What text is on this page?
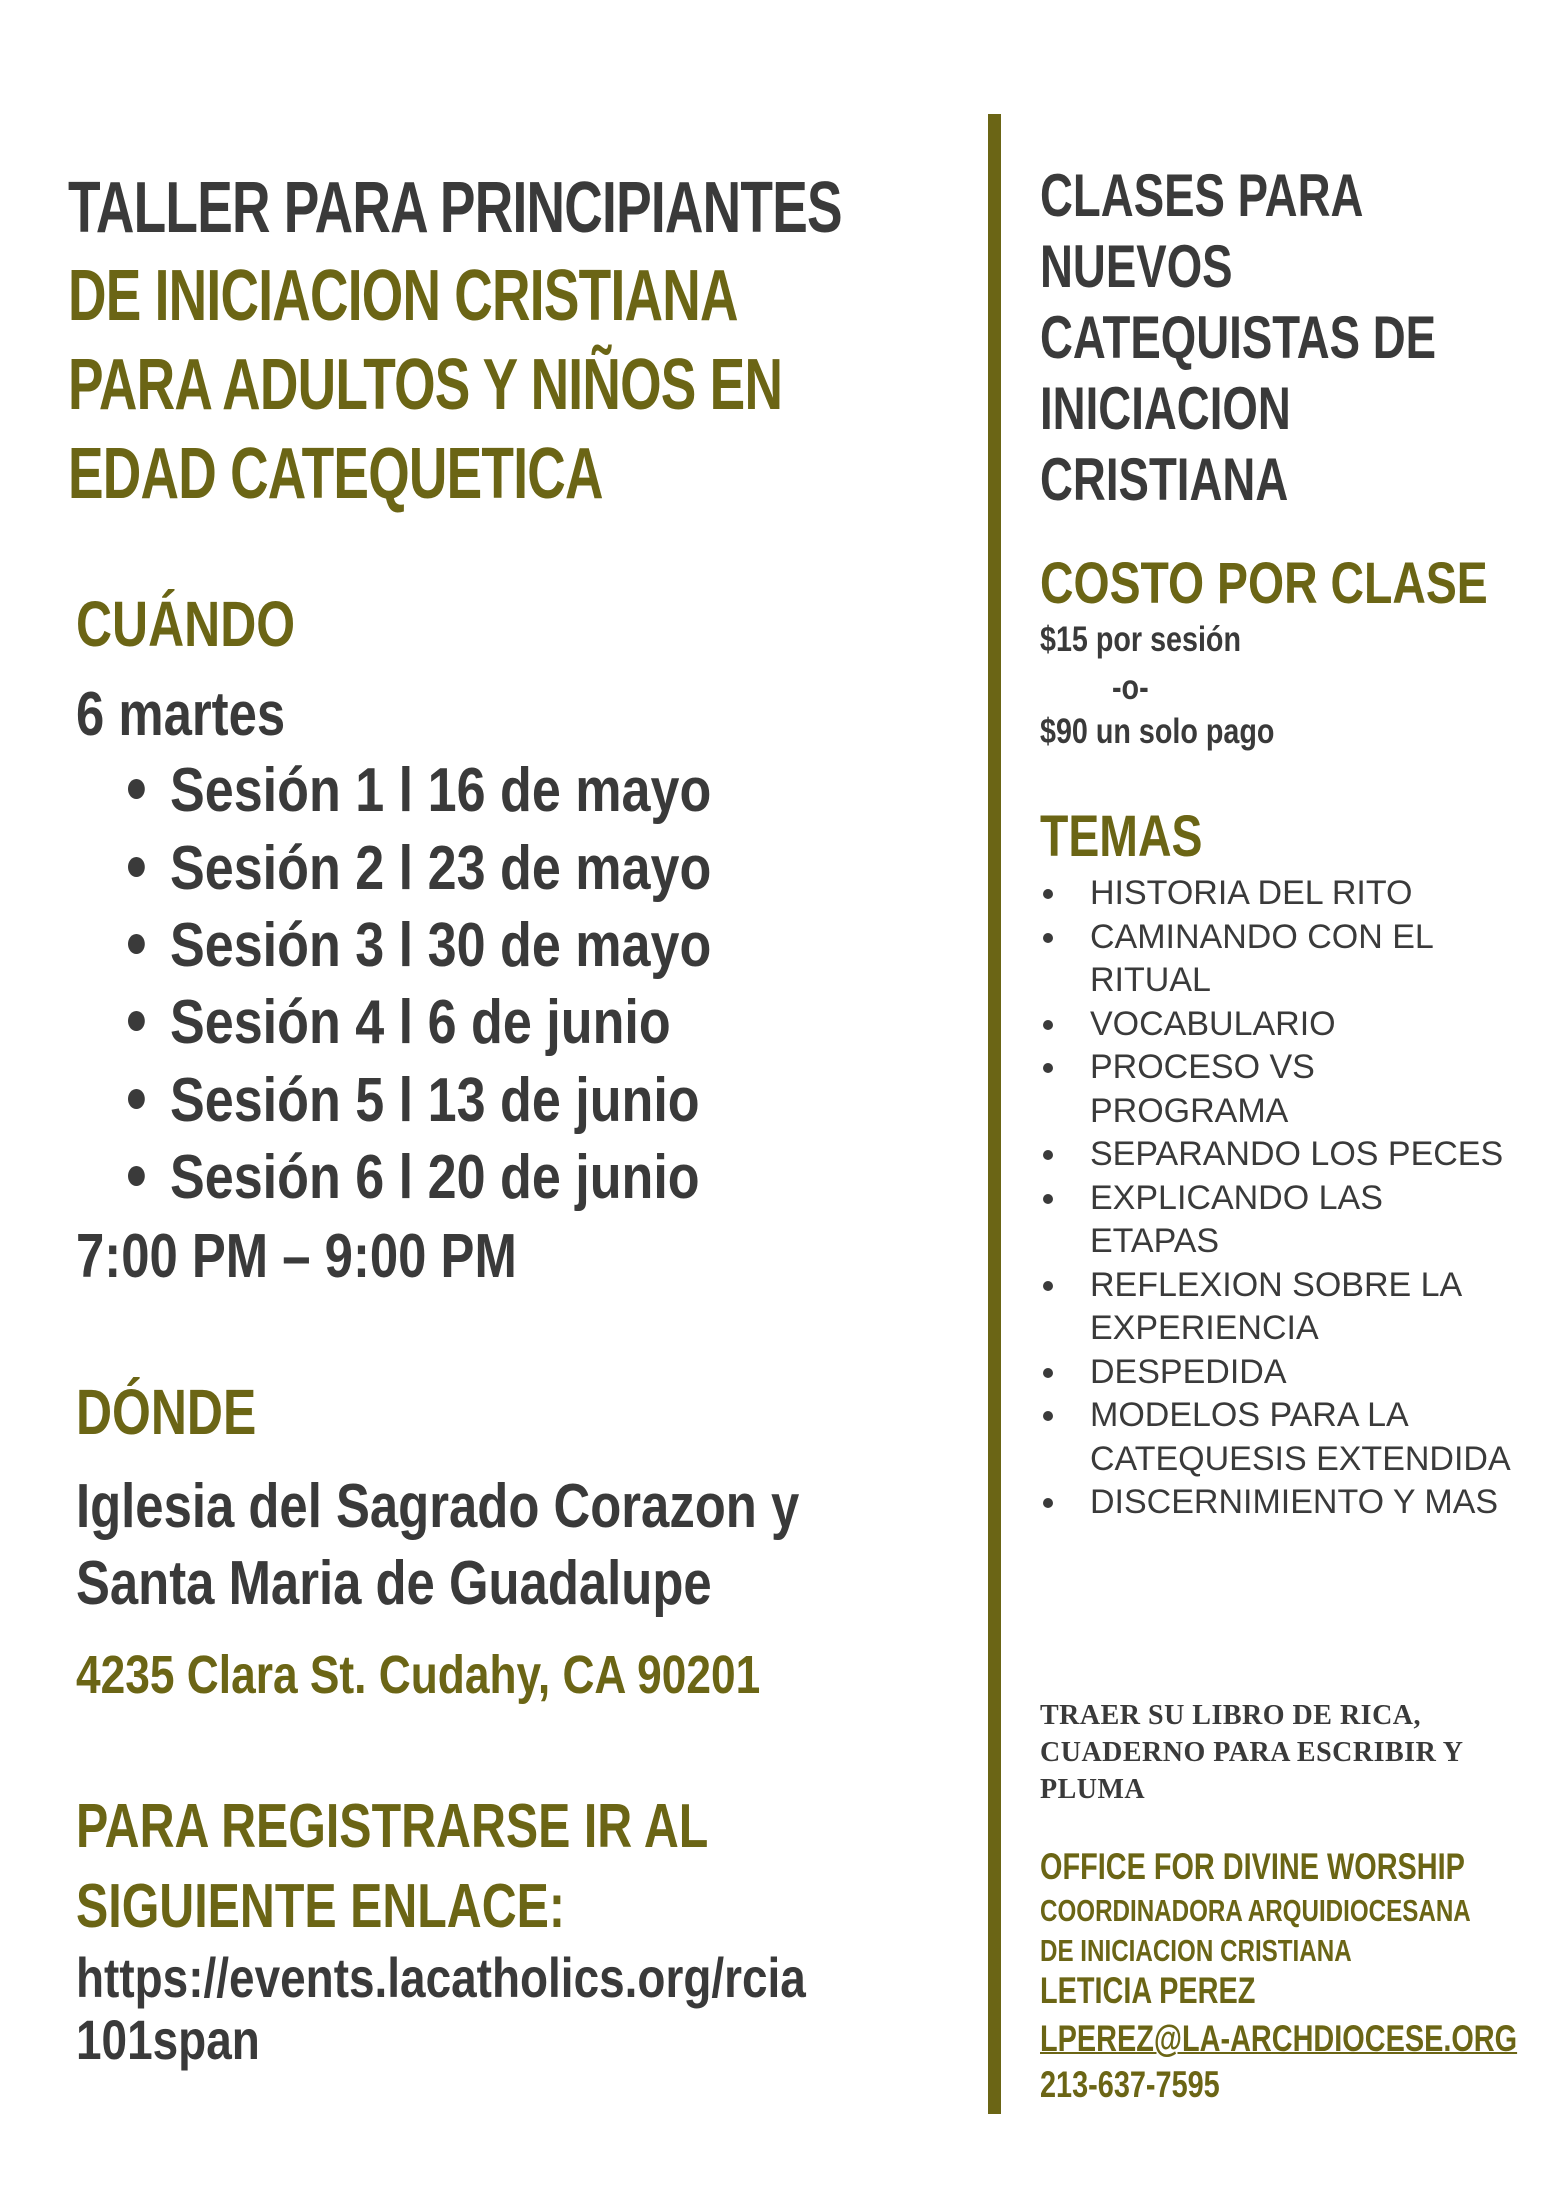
TALLER PARA PRINCIPIANTES
DE INICIACION CRISTIANA
PARA ADULTOS Y NIÑOS EN
EDAD CATEQUETICA
CUÁNDO
6 martes
Sesión 1 l 16 de mayo
Sesión 2 l 23 de mayo
Sesión 3 l 30 de mayo
Sesión 4 l 6 de junio
Sesión 5 l 13 de junio
Sesión 6 l 20 de junio
7:00 PM – 9:00 PM
DÓNDE
Iglesia del Sagrado Corazon y
Santa Maria de Guadalupe
4235 Clara St. Cudahy, CA 90201
PARA REGISTRARSE IR AL
SIGUIENTE ENLACE:
https://events.lacatholics.org/rcia
101span
CLASES PARA
NUEVOS
CATEQUISTAS DE
INICIACION
CRISTIANA
COSTO POR CLASE
$15 por sesión
-o-
$90 un solo pago
TEMAS
HISTORIA DEL RITO
CAMINANDO CON EL RITUAL
VOCABULARIO
PROCESO VS PROGRAMA
SEPARANDO LOS PECES
EXPLICANDO LAS ETAPAS
REFLEXION SOBRE LA EXPERIENCIA
DESPEDIDA
MODELOS PARA LA CATEQUESIS EXTENDIDA
DISCERNIMIENTO Y MAS
TRAER SU LIBRO DE RICA, CUADERNO PARA ESCRIBIR Y PLUMA
OFFICE FOR DIVINE WORSHIP
COORDINADORA ARQUIDIOCESANA
DE INICIACION CRISTIANA
LETICIA PEREZ
LPEREZ@LA-ARCHDIOCESE.ORG
213-637-7595
